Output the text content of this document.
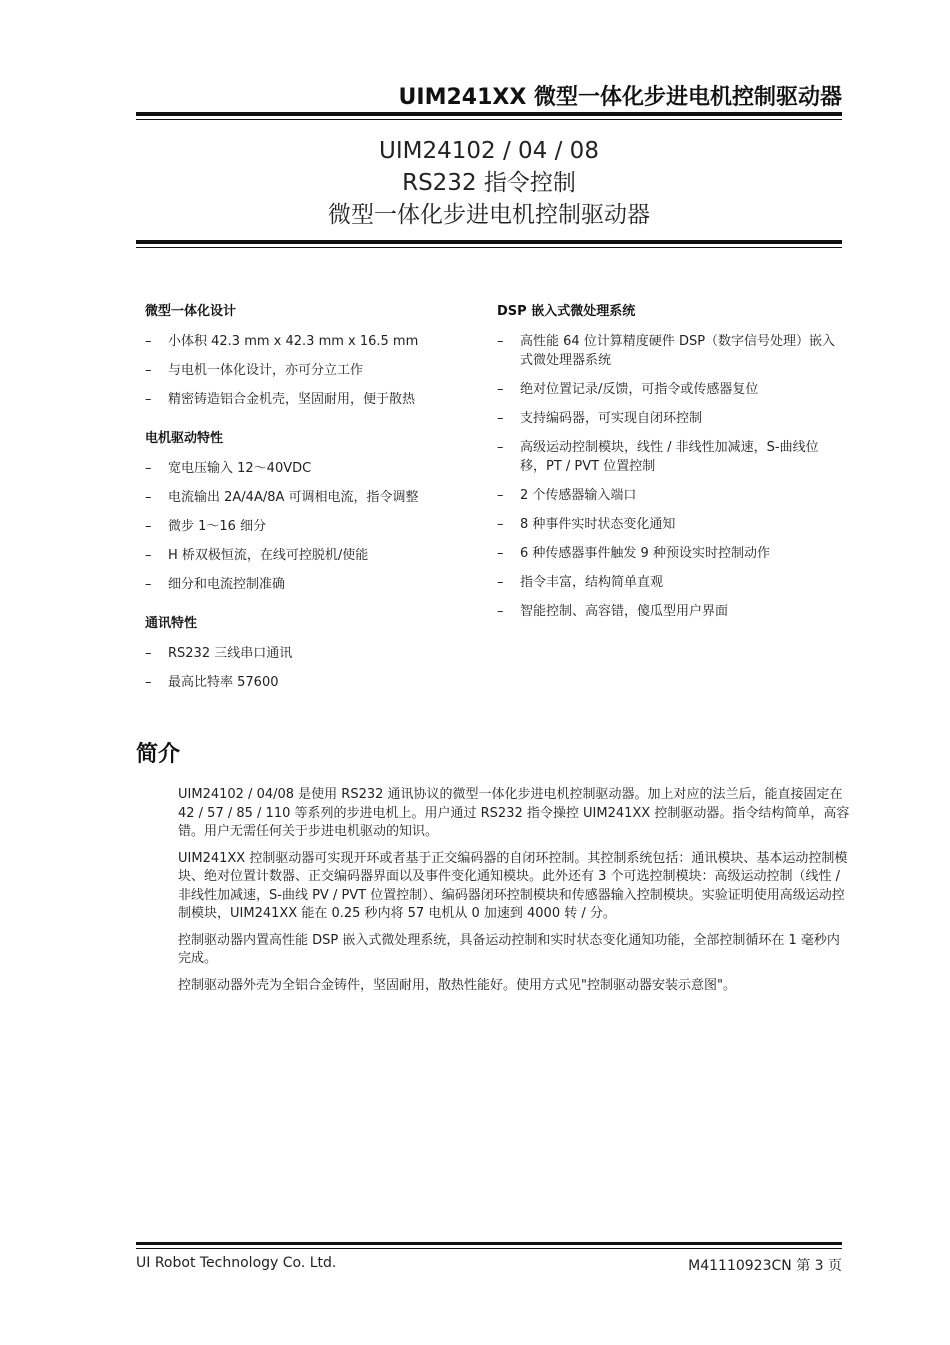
UIM241XX 微型一体化步进电机控制驱动器
UIM24102 / 04 / 08
RS232 指令控制
微型一体化步进电机控制驱动器
微型一体化设计
– 小体积 42.3 mm x 42.3 mm x 16.5 mm
– 与电机一体化设计，亦可分立工作
– 精密铸造铝合金机壳，坚固耐用，便于散热
电机驱动特性
– 宽电压输入 12～40VDC
– 电流输出 2A/4A/8A 可调相电流，指令调整
– 微步 1～16 细分
– H 桥双极恒流，在线可控脱机/使能
– 细分和电流控制准确
通讯特性
– RS232 三线串口通讯
– 最高比特率 57600
DSP 嵌入式微处理系统
– 高性能 64 位计算精度硬件 DSP（数字信号处理）嵌入式微处理器系统
– 绝对位置记录/反馈，可指令或传感器复位
– 支持编码器，可实现自闭环控制
– 高级运动控制模块，线性 / 非线性加减速，S-曲线位移，PT / PVT 位置控制
– 2 个传感器输入端口
– 8 种事件实时状态变化通知
– 6 种传感器事件触发 9 种预设实时控制动作
– 指令丰富，结构简单直观
– 智能控制、高容错，傻瓜型用户界面
简介

UIM24102 / 04/08 是使用 RS232 通讯协议的微型一体化步进电机控制驱动器。加上对应的法兰后，能直接固定在 42 / 57 / 85 / 110 等系列的步进电机上。用户通过 RS232 指令操控 UIM241XX 控制驱动器。指令结构简单，高容错。用户无需任何关于步进电机驱动的知识。

UIM241XX 控制驱动器可实现开环或者基于正交编码器的自闭环控制。其控制系统包括：通讯模块、基本运动控制模块、绝对位置计数器、正交编码器界面以及事件变化通知模块。此外还有 3 个可选控制模块：高级运动控制（线性 / 非线性加减速，S-曲线 PV / PVT 位置控制）、编码器闭环控制模块和传感器输入控制模块。实验证明使用高级运动控制模块，UIM241XX 能在 0.25 秒内将 57 电机从 0 加速到 4000 转 / 分。

控制驱动器内置高性能 DSP 嵌入式微处理系统，具备运动控制和实时状态变化通知功能，全部控制循环在 1 毫秒内完成。

控制驱动器外壳为全铝合金铸件，坚固耐用，散热性能好。使用方式见"控制驱动器安装示意图"。

UI Robot Technology Co. Ltd.	M41110923CN 第 3 页
